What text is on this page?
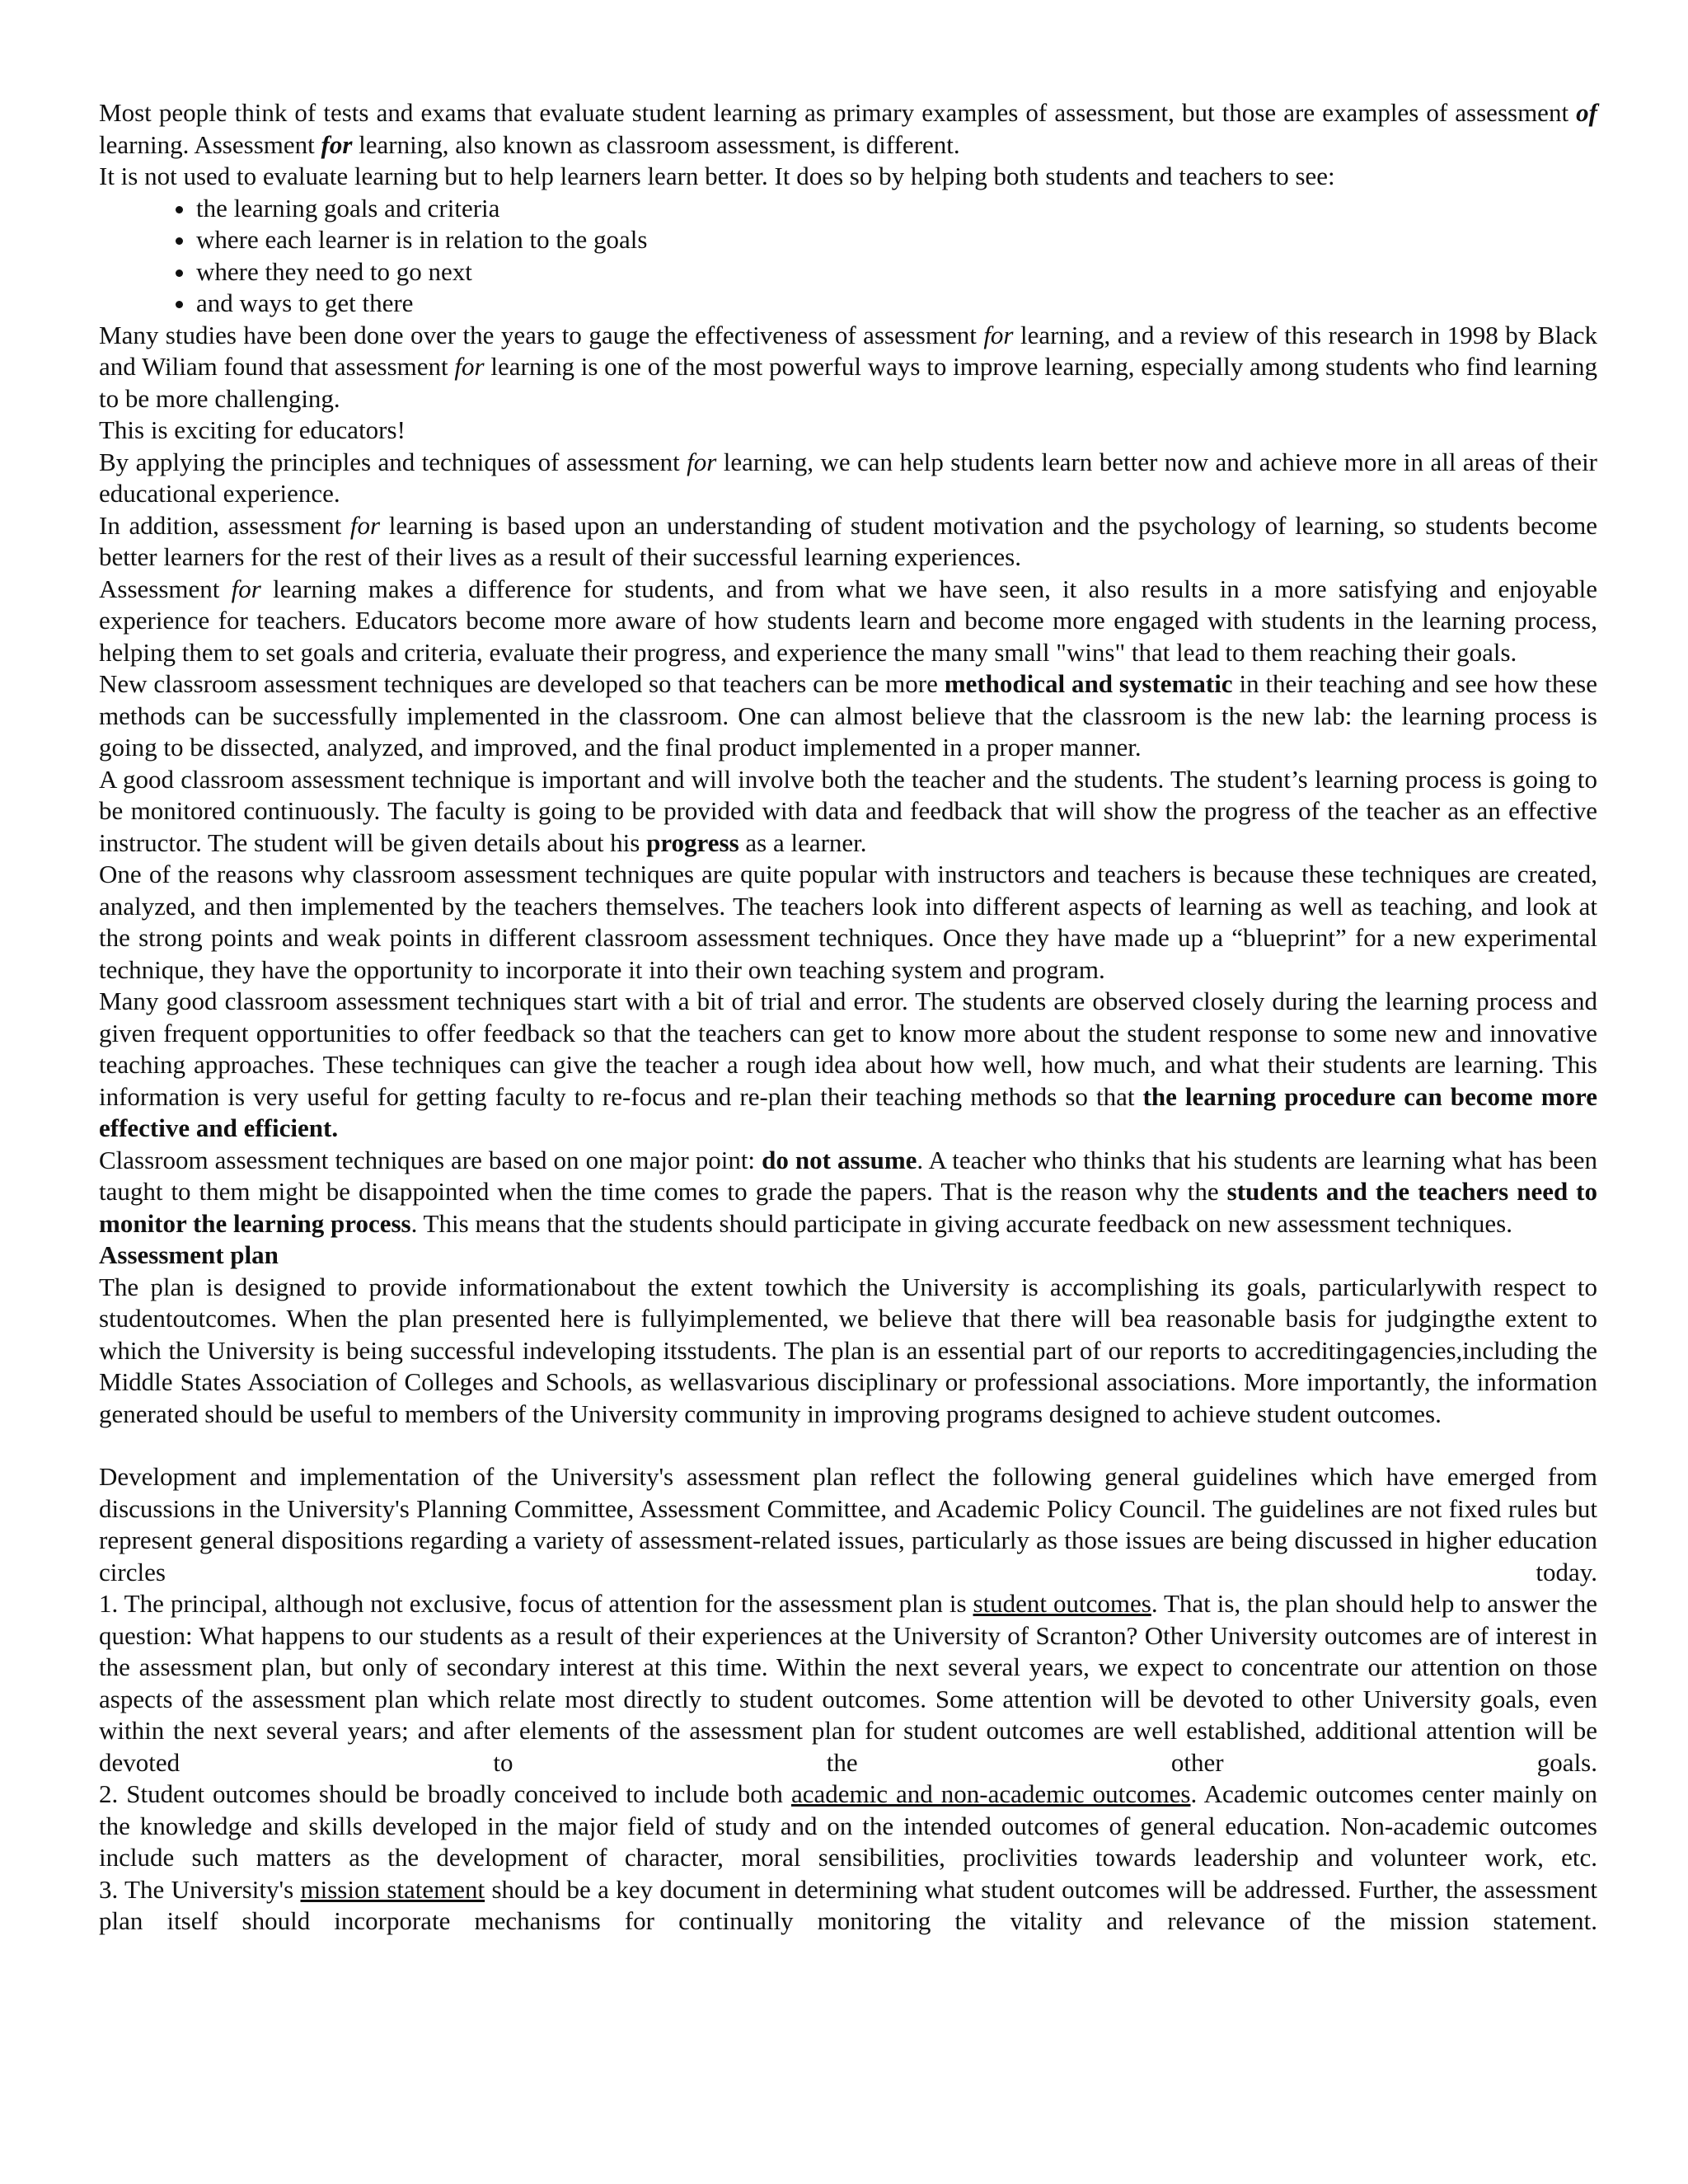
Most people think of tests and exams that evaluate student learning as primary examples of assessment, but those are examples of assessment of learning. Assessment for learning, also known as classroom assessment, is different.

It is not used to evaluate learning but to help learners learn better. It does so by helping both students and teachers to see:

• the learning goals and criteria
• where each learner is in relation to the goals
• where they need to go next
• and ways to get there

Many studies have been done over the years to gauge the effectiveness of assessment for learning, and a review of this research in 1998 by Black and Wiliam found that assessment for learning is one of the most powerful ways to improve learning, especially among students who find learning to be more challenging.

This is exciting for educators!

By applying the principles and techniques of assessment for learning, we can help students learn better now and achieve more in all areas of their educational experience.

In addition, assessment for learning is based upon an understanding of student motivation and the psychology of learning, so students become better learners for the rest of their lives as a result of their successful learning experiences.

Assessment for learning makes a difference for students, and from what we have seen, it also results in a more satisfying and enjoyable experience for teachers. Educators become more aware of how students learn and become more engaged with students in the learning process, helping them to set goals and criteria, evaluate their progress, and experience the many small "wins" that lead to them reaching their goals.

New classroom assessment techniques are developed so that teachers can be more methodical and systematic in their teaching and see how these methods can be successfully implemented in the classroom. One can almost believe that the classroom is the new lab: the learning process is going to be dissected, analyzed, and improved, and the final product implemented in a proper manner.

A good classroom assessment technique is important and will involve both the teacher and the students. The student’s learning process is going to be monitored continuously. The faculty is going to be provided with data and feedback that will show the progress of the teacher as an effective instructor. The student will be given details about his progress as a learner.

One of the reasons why classroom assessment techniques are quite popular with instructors and teachers is because these techniques are created, analyzed, and then implemented by the teachers themselves. The teachers look into different aspects of learning as well as teaching, and look at the strong points and weak points in different classroom assessment techniques. Once they have made up a “blueprint” for a new experimental technique, they have the opportunity to incorporate it into their own teaching system and program.

Many good classroom assessment techniques start with a bit of trial and error. The students are observed closely during the learning process and given frequent opportunities to offer feedback so that the teachers can get to know more about the student response to some new and innovative teaching approaches. These techniques can give the teacher a rough idea about how well, how much, and what their students are learning. This information is very useful for getting faculty to re-focus and re-plan their teaching methods so that the learning procedure can become more effective and efficient.

Classroom assessment techniques are based on one major point: do not assume. A teacher who thinks that his students are learning what has been taught to them might be disappointed when the time comes to grade the papers. That is the reason why the students and the teachers need to monitor the learning process. This means that the students should participate in giving accurate feedback on new assessment techniques.

Assessment plan

The plan is designed to provide informationabout the extent towhich the University is accomplishing its goals, particularlywith respect to studentoutcomes. When the plan presented here is fullyimplemented, we believe that there will bea reasonable basis for judgingthe extent to which the University is being successful indeveloping itsstudents. The plan is an essential part of our reports to accreditingagencies,including the Middle States Association of Colleges and Schools, as wellasvarious disciplinary or professional associations. More importantly, the information generated should be useful to members of the University community in improving programs designed to achieve student outcomes.

Development and implementation of the University's assessment plan reflect the following general guidelines which have emerged from discussions in the University's Planning Committee, Assessment Committee, and Academic Policy Council. The guidelines are not fixed rules but represent general dispositions regarding a variety of assessment-related issues, particularly as those issues are being discussed in higher education circles today.

1. The principal, although not exclusive, focus of attention for the assessment plan is student outcomes. That is, the plan should help to answer the question: What happens to our students as a result of their experiences at the University of Scranton? Other University outcomes are of interest in the assessment plan, but only of secondary interest at this time. Within the next several years, we expect to concentrate our attention on those aspects of the assessment plan which relate most directly to student outcomes. Some attention will be devoted to other University goals, even within the next several years; and after elements of the assessment plan for student outcomes are well established, additional attention will be devoted to the other goals.

2. Student outcomes should be broadly conceived to include both academic and non-academic outcomes. Academic outcomes center mainly on the knowledge and skills developed in the major field of study and on the intended outcomes of general education. Non-academic outcomes include such matters as the development of character, moral sensibilities, proclivities towards leadership and volunteer work, etc.

3. The University's mission statement should be a key document in determining what student outcomes will be addressed. Further, the assessment plan itself should incorporate mechanisms for continually monitoring the vitality and relevance of the mission statement.
